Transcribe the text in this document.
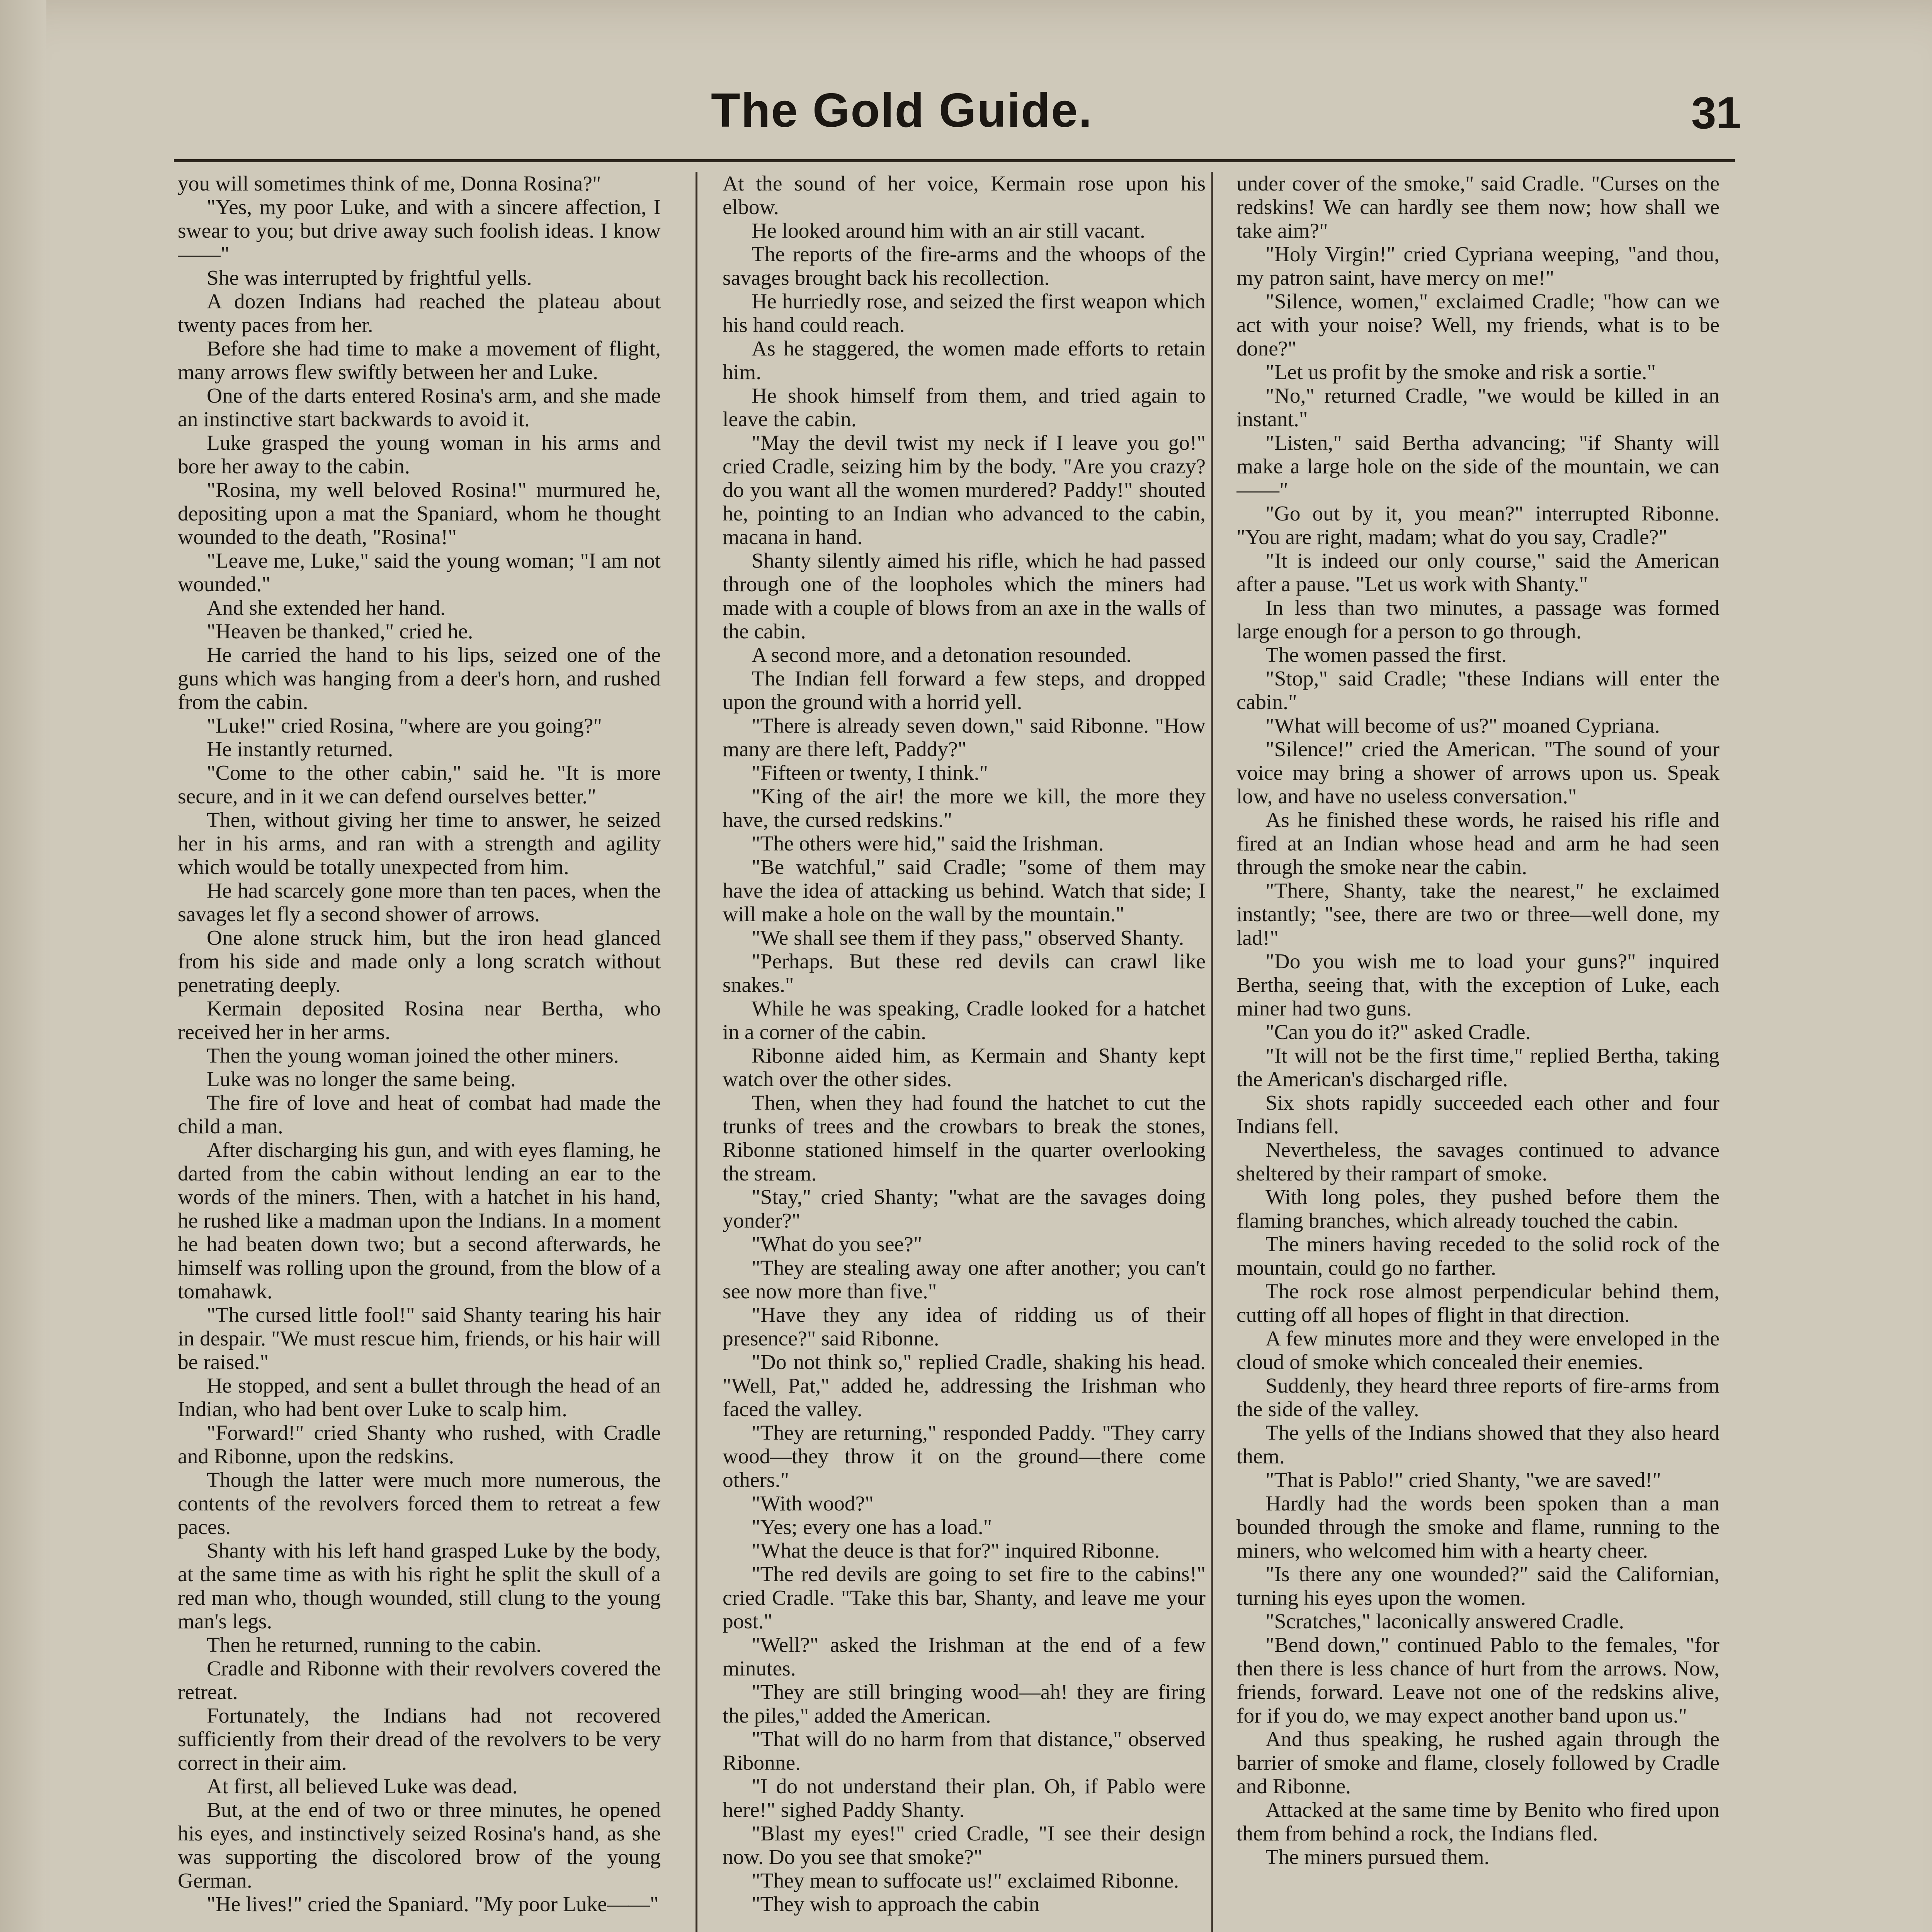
The Gold Guide.	31

you will sometimes think of me, Donna Rosina?"

"Yes, my poor Luke, and with a sincere affection, I swear to you; but drive away such foolish ideas. I know——"

She was interrupted by frightful yells.

A dozen Indians had reached the plateau about twenty paces from her.

Before she had time to make a movement of flight, many arrows flew swiftly between her and Luke.

One of the darts entered Rosina's arm, and she made an instinctive start backwards to avoid it.

Luke grasped the young woman in his arms and bore her away to the cabin.

"Rosina, my well beloved Rosina!" murmured he, depositing upon a mat the Spaniard, whom he thought wounded to the death, "Rosina!"

"Leave me, Luke," said the young woman; "I am not wounded."

And she extended her hand.

"Heaven be thanked," cried he.

He carried the hand to his lips, seized one of the guns which was hanging from a deer's horn, and rushed from the cabin.

"Luke!" cried Rosina, "where are you going?"

He instantly returned.

"Come to the other cabin," said he. "It is more secure, and in it we can defend ourselves better."

Then, without giving her time to answer, he seized her in his arms, and ran with a strength and agility which would be totally unexpected from him.

He had scarcely gone more than ten paces, when the savages let fly a second shower of arrows.

One alone struck him, but the iron head glanced from his side and made only a long scratch without penetrating deeply.

Kermain deposited Rosina near Bertha, who received her in her arms.

Then the young woman joined the other miners.

Luke was no longer the same being.

The fire of love and heat of combat had made the child a man.

After discharging his gun, and with eyes flaming, he darted from the cabin without lending an ear to the words of the miners. Then, with a hatchet in his hand, he rushed like a madman upon the Indians. In a moment he had beaten down two; but a second afterwards, he himself was rolling upon the ground, from the blow of a tomahawk.

"The cursed little fool!" said Shanty tearing his hair in despair. "We must rescue him, friends, or his hair will be raised."

He stopped, and sent a bullet through the head of an Indian, who had bent over Luke to scalp him.

"Forward!" cried Shanty who rushed, with Cradle and Ribonne, upon the redskins.

Though the latter were much more numerous, the contents of the revolvers forced them to retreat a few paces.

Shanty with his left hand grasped Luke by the body, at the same time as with his right he split the skull of a red man who, though wounded, still clung to the young man's legs.

Then he returned, running to the cabin.

Cradle and Ribonne with their revolvers covered the retreat.

Fortunately, the Indians had not recovered sufficiently from their dread of the revolvers to be very correct in their aim.

At first, all believed Luke was dead.

But, at the end of two or three minutes, he opened his eyes, and instinctively seized Rosina's hand, as she was supporting the discolored brow of the young German.

"He lives!" cried the Spaniard. "My poor Luke——"

At the sound of her voice, Kermain rose upon his elbow.

He looked around him with an air still vacant.

The reports of the fire-arms and the whoops of the savages brought back his recollection.

He hurriedly rose, and seized the first weapon which his hand could reach.

As he staggered, the women made efforts to retain him.

He shook himself from them, and tried again to leave the cabin.

"May the devil twist my neck if I leave you go!" cried Cradle, seizing him by the body. "Are you crazy? do you want all the women murdered? Paddy!" shouted he, pointing to an Indian who advanced to the cabin, macana in hand.

Shanty silently aimed his rifle, which he had passed through one of the loopholes which the miners had made with a couple of blows from an axe in the walls of the cabin.

A second more, and a detonation resounded.

The Indian fell forward a few steps, and dropped upon the ground with a horrid yell.

"There is already seven down," said Ribonne. "How many are there left, Paddy?"

"Fifteen or twenty, I think."

"King of the air! the more we kill, the more they have, the cursed redskins."

"The others were hid," said the Irishman.

"Be watchful," said Cradle; "some of them may have the idea of attacking us behind. Watch that side; I will make a hole on the wall by the mountain."

"We shall see them if they pass," observed Shanty.

"Perhaps. But these red devils can crawl like snakes."

While he was speaking, Cradle looked for a hatchet in a corner of the cabin.

Ribonne aided him, as Kermain and Shanty kept watch over the other sides.

Then, when they had found the hatchet to cut the trunks of trees and the crowbars to break the stones, Ribonne stationed himself in the quarter overlooking the stream.

"Stay," cried Shanty; "what are the savages doing yonder?"

"What do you see?"

"They are stealing away one after another; you can't see now more than five."

"Have they any idea of ridding us of their presence?" said Ribonne.

"Do not think so," replied Cradle, shaking his head. "Well, Pat," added he, addressing the Irishman who faced the valley.

"They are returning," responded Paddy. "They carry wood—they throw it on the ground—there come others."

"With wood?"

"Yes; every one has a load."

"What the deuce is that for?" inquired Ribonne.

"The red devils are going to set fire to the cabins!" cried Cradle. "Take this bar, Shanty, and leave me your post."

"Well?" asked the Irishman at the end of a few minutes.

"They are still bringing wood—ah! they are firing the piles," added the American.

"That will do no harm from that distance," observed Ribonne.

"I do not understand their plan. Oh, if Pablo were here!" sighed Paddy Shanty.

"Blast my eyes!" cried Cradle, "I see their design now. Do you see that smoke?"

"They mean to suffocate us!" exclaimed Ribonne.

"They wish to approach the cabin

under cover of the smoke," said Cradle. "Curses on the redskins! We can hardly see them now; how shall we take aim?"

"Holy Virgin!" cried Cypriana weeping, "and thou, my patron saint, have mercy on me!"

"Silence, women," exclaimed Cradle; "how can we act with your noise? Well, my friends, what is to be done?"

"Let us profit by the smoke and risk a sortie."

"No," returned Cradle, "we would be killed in an instant."

"Listen," said Bertha advancing; "if Shanty will make a large hole on the side of the mountain, we can——"

"Go out by it, you mean?" interrupted Ribonne. "You are right, madam; what do you say, Cradle?"

"It is indeed our only course," said the American after a pause. "Let us work with Shanty."

In less than two minutes, a passage was formed large enough for a person to go through.

The women passed the first.

"Stop," said Cradle; "these Indians will enter the cabin."

"What will become of us?" moaned Cypriana.

"Silence!" cried the American. "The sound of your voice may bring a shower of arrows upon us. Speak low, and have no useless conversation."

As he finished these words, he raised his rifle and fired at an Indian whose head and arm he had seen through the smoke near the cabin.

"There, Shanty, take the nearest," he exclaimed instantly; "see, there are two or three—well done, my lad!"

"Do you wish me to load your guns?" inquired Bertha, seeing that, with the exception of Luke, each miner had two guns.

"Can you do it?" asked Cradle.

"It will not be the first time," replied Bertha, taking the American's discharged rifle.

Six shots rapidly succeeded each other and four Indians fell.

Nevertheless, the savages continued to advance sheltered by their rampart of smoke.

With long poles, they pushed before them the flaming branches, which already touched the cabin.

The miners having receded to the solid rock of the mountain, could go no farther.

The rock rose almost perpendicular behind them, cutting off all hopes of flight in that direction.

A few minutes more and they were enveloped in the cloud of smoke which concealed their enemies.

Suddenly, they heard three reports of fire-arms from the side of the valley.

The yells of the Indians showed that they also heard them.

"That is Pablo!" cried Shanty, "we are saved!"

Hardly had the words been spoken than a man bounded through the smoke and flame, running to the miners, who welcomed him with a hearty cheer.

"Is there any one wounded?" said the Californian, turning his eyes upon the women.

"Scratches," laconically answered Cradle.

"Bend down," continued Pablo to the females, "for then there is less chance of hurt from the arrows. Now, friends, forward. Leave not one of the redskins alive, for if you do, we may expect another band upon us."

And thus speaking, he rushed again through the barrier of smoke and flame, closely followed by Cradle and Ribonne.

Attacked at the same time by Benito who fired upon them from behind a rock, the Indians fled.

The miners pursued them.
